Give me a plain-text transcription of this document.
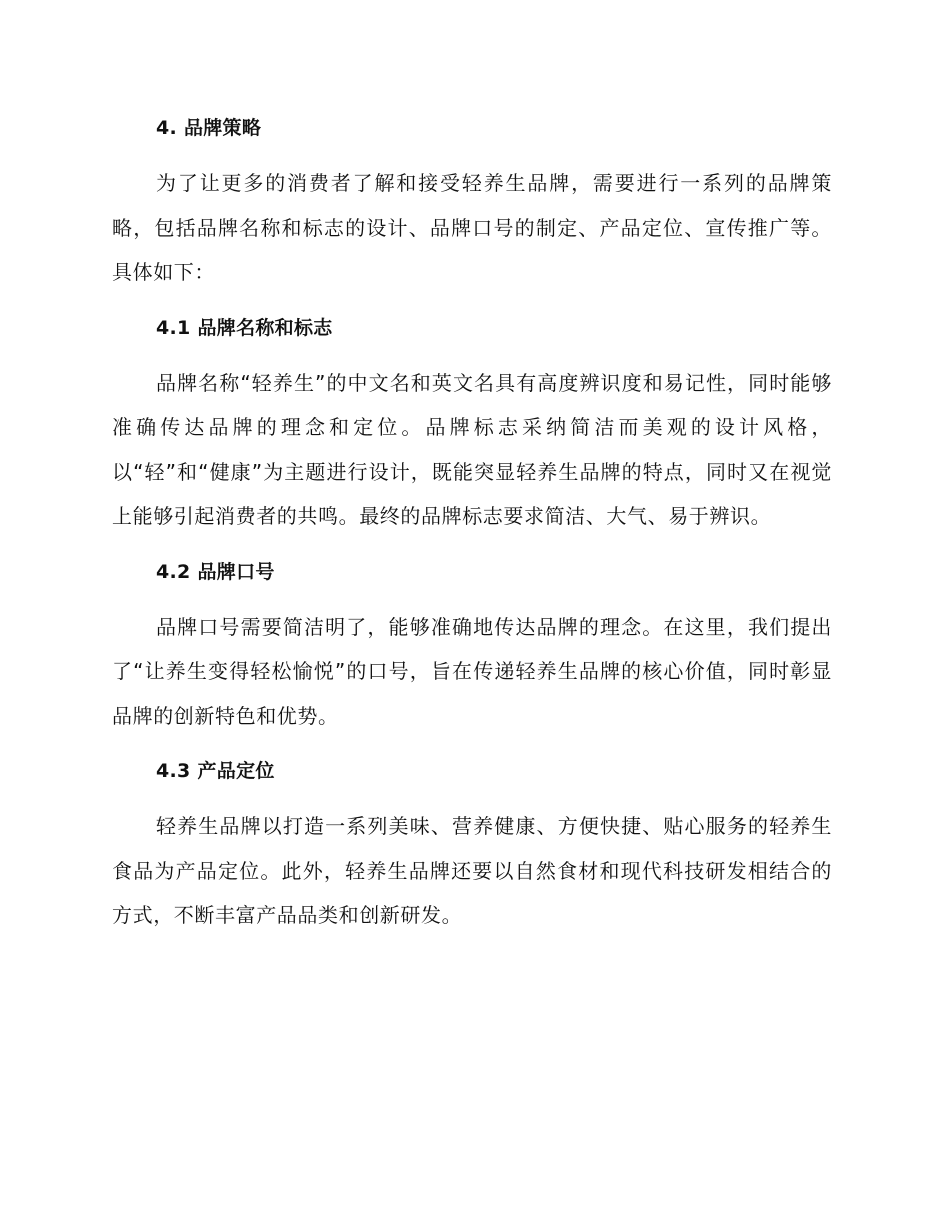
4. 品牌策略

为了让更多的消费者了解和接受轻养生品牌，需要进行一系列的品牌策略，包括品牌名称和标志的设计、品牌口号的制定、产品定位、宣传推广等。具体如下：

4.1 品牌名称和标志

品牌名称“轻养生”的中文名和英文名具有高度辨识度和易记性，同时能够准确传达品牌的理念和定位。品牌标志采纳简洁而美观的设计风格，以“轻”和“健康”为主题进行设计，既能突显轻养生品牌的特点，同时又在视觉上能够引起消费者的共鸣。最终的品牌标志要求简洁、大气、易于辨识。

4.2 品牌口号

品牌口号需要简洁明了，能够准确地传达品牌的理念。在这里，我们提出了“让养生变得轻松愉悦”的口号，旨在传递轻养生品牌的核心价值，同时彰显品牌的创新特色和优势。

4.3 产品定位

轻养生品牌以打造一系列美味、营养健康、方便快捷、贴心服务的轻养生食品为产品定位。此外，轻养生品牌还要以自然食材和现代科技研发相结合的方式，不断丰富产品品类和创新研发。
